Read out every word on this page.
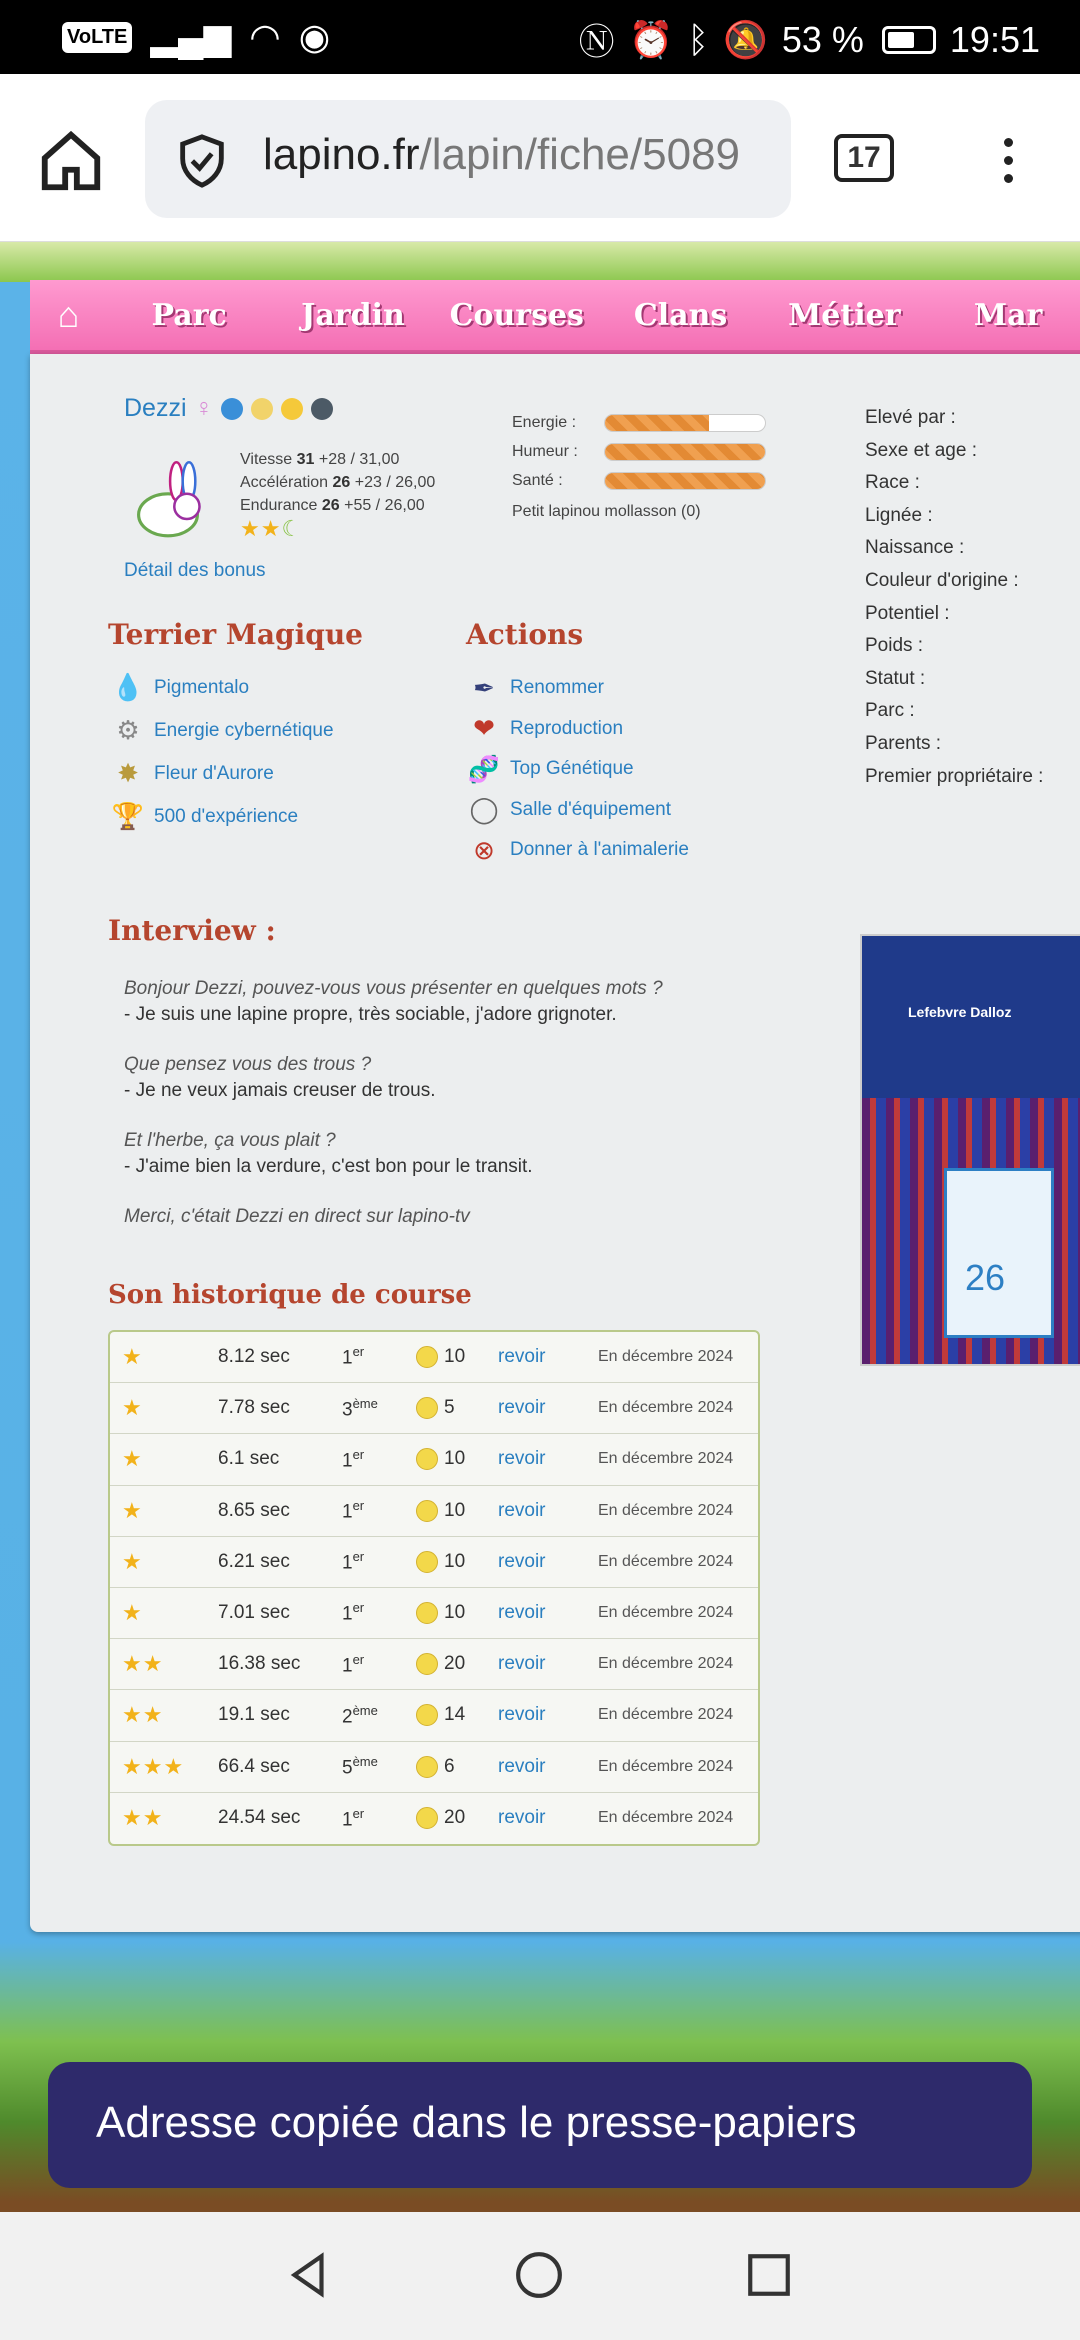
VoLTE ▂▄▆ ◠ ◉	Ⓝ ⏰ ᛒ 🔕 53 % 19:51
lapino.fr/lapin/fiche/5089	17
⌂	Parc	Jardin	Courses	Clans	Métier	Mar
Dezzi ♀
Vitesse 31 +28 / 31,00
Accélération 26 +23 / 26,00
Endurance 26 +55 / 26,00
★★☾
Energie :
Humeur :
Santé :
Petit lapinou mollasson (0)
Détail des bonus
Elevé par :
Sexe et age :
Race :
Lignée :
Naissance :
Couleur d'origine :
Potentiel :
Poids :
Statut :
Parc :
Parents :
Premier propriétaire :
Terrier Magique
💧 Pigmentalo
⚙ Energie cybernétique
✸ Fleur d'Aurore
🏆 500 d'expérience
Actions
✒ Renommer
❤ Reproduction
🧬 Top Génétique
◯ Salle d'équipement
⊗ Donner à l'animalerie
Lefebvre Dalloz
26
Interview :

Bonjour Dezzi, pouvez-vous vous présenter en quelques mots ?
- Je suis une lapine propre, très sociable, j'adore grignoter.

Que pensez vous des trous ?
- Je ne veux jamais creuser de trous.

Et l'herbe, ça vous plait ?
- J'aime bien la verdure, c'est bon pour le transit.

Merci, c'était Dezzi en direct sur lapino-tv

Son historique de course
★	8.12 sec	1er	10	revoir	En décembre 2024
★	7.78 sec	3ème	5	revoir	En décembre 2024
★	6.1 sec	1er	10	revoir	En décembre 2024
★	8.65 sec	1er	10	revoir	En décembre 2024
★	6.21 sec	1er	10	revoir	En décembre 2024
★	7.01 sec	1er	10	revoir	En décembre 2024
★★	16.38 sec	1er	20	revoir	En décembre 2024
★★	19.1 sec	2ème	14	revoir	En décembre 2024
★★★	66.4 sec	5ème	6	revoir	En décembre 2024
★★	24.54 sec	1er	20	revoir	En décembre 2024
Adresse copiée dans le presse-papiers
